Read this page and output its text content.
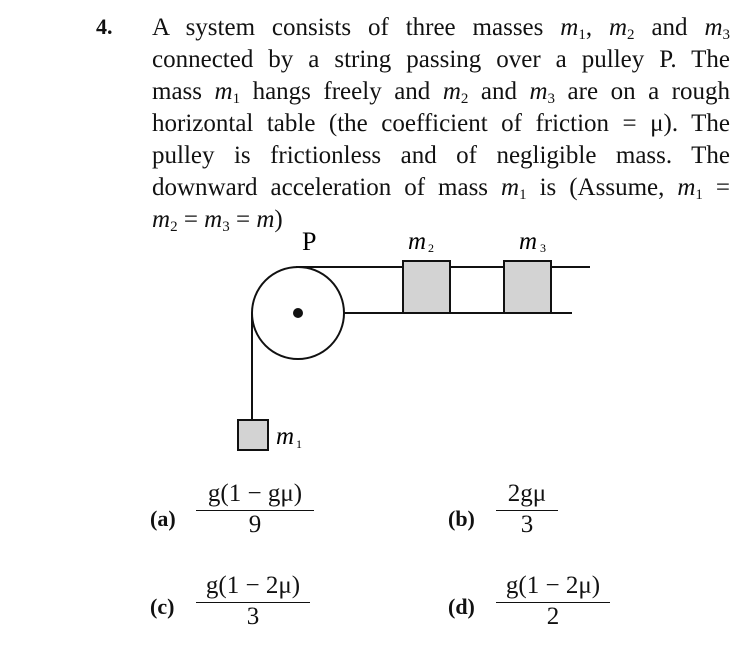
4. A system consists of three masses $m_1$, $m_2$ and $m_3$
connected by a string passing over a pulley P. The
mass $m_1$ hangs freely and $m_2$ and $m_3$ are on a rough
horizontal table (the coefficient of friction = μ). The
pulley is frictionless and of negligible mass. The
downward acceleration of mass $m_1$ is (Assume, $m_1$ =
$m_2 = m_3 = m$)
P	m 2	m 3
m 1
(a)
g(1 − gμ)
9	(b)
2gμ
3
(c)
g(1 − 2μ)
3	(d)
g(1 − 2μ)
2
